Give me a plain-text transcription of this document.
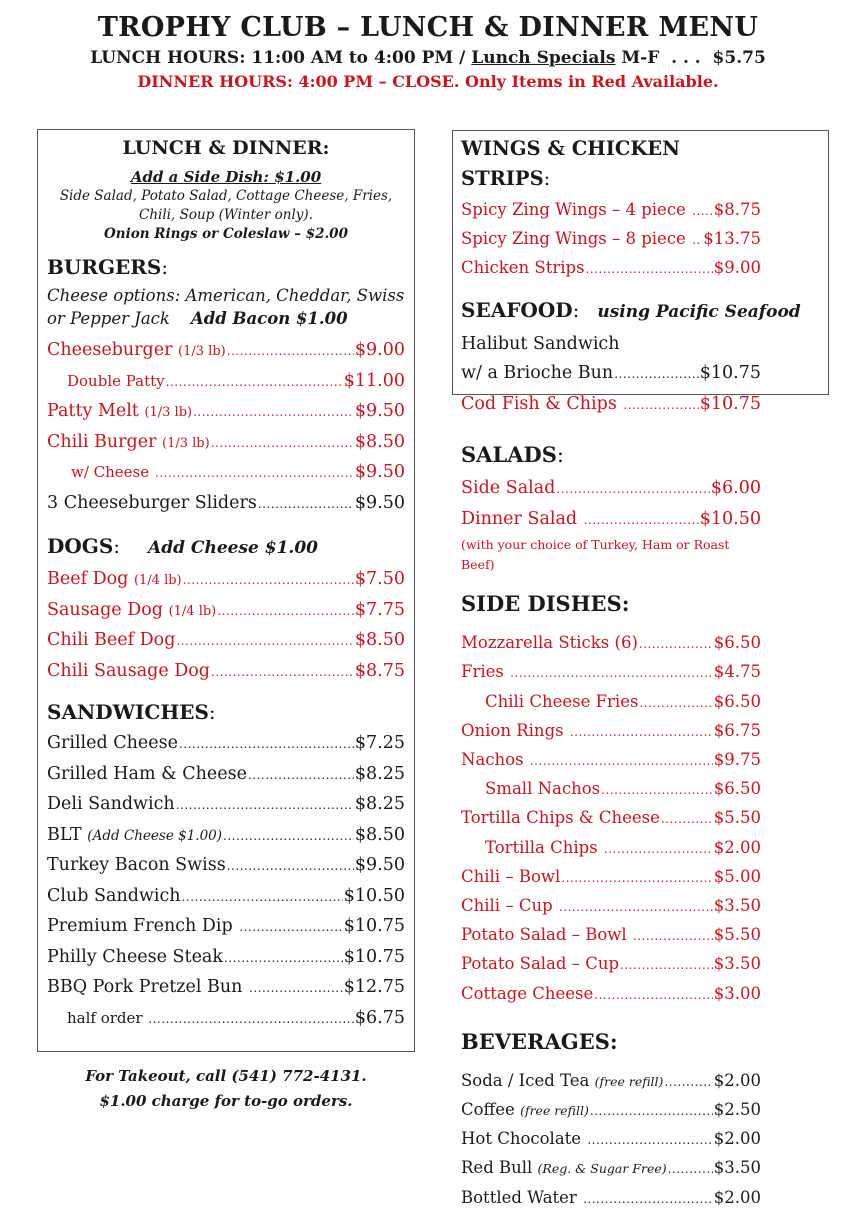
TROPHY CLUB – LUNCH & DINNER MENU
LUNCH HOURS: 11:00 AM to 4:00 PM / Lunch Specials M-F  . . .  $5.75
DINNER HOURS: 4:00 PM – CLOSE. Only Items in Red Available.
LUNCH & DINNER:
Add a Side Dish: $1.00
Side Salad, Potato Salad, Cottage Cheese, Fries, Chili, Soup (Winter only).
Onion Rings or Coleslaw – $2.00
BURGERS:
Cheese options: American, Cheddar, Swiss or Pepper Jack Add Bacon $1.00
Cheeseburger (1/3 lb) .....	$9.00
Double Patty .....	$11.00
Patty Melt (1/3 lb) .....	$9.50
Chili Burger (1/3 lb) .....	$8.50
w/ Cheese .....	$9.50
3 Cheeseburger Sliders .....	$9.50
DOGS: Add Cheese $1.00
Beef Dog (1/4 lb) .....	$7.50
Sausage Dog (1/4 lb) .....	$7.75
Chili Beef Dog .....	$8.50
Chili Sausage Dog .....	$8.75
SANDWICHES:
Grilled Cheese .....	$7.25
Grilled Ham & Cheese .....	$8.25
Deli Sandwich .....	$8.25
BLT (Add Cheese $1.00) .....	$8.50
Turkey Bacon Swiss .....	$9.50
Club Sandwich .....	$10.50
Premium French Dip .....	$10.75
Philly Cheese Steak .....	$10.75
BBQ Pork Pretzel Bun .....	$12.75
half order .....	$6.75
For Takeout, call (541) 772-4131.
$1.00 charge for to-go orders.
WINGS & CHICKEN STRIPS:
Spicy Zing Wings – 4 piece ..... $8.75
Spicy Zing Wings – 8 piece ..... $13.75
Chicken Strips .....	$9.00
SEAFOOD: using Pacific Seafood
Halibut Sandwich
w/ a Brioche Bun .....	$10.75
Cod Fish & Chips .....	$10.75
SALADS:
Side Salad .....	$6.00
Dinner Salad .....	$10.50
(with your choice of Turkey, Ham or Roast Beef)
SIDE DISHES:
Mozzarella Sticks (6) .....	$6.50
Fries .....	$4.75
Chili Cheese Fries .....	$6.50
Onion Rings .....	$6.75
Nachos .....	$9.75
Small Nachos .....	$6.50
Tortilla Chips & Cheese .....	$5.50
Tortilla Chips .....	$2.00
Chili – Bowl .....	$5.00
Chili – Cup .....	$3.50
Potato Salad – Bowl .....	$5.50
Potato Salad – Cup .....	$3.50
Cottage Cheese .....	$3.00
BEVERAGES:
Soda / Iced Tea (free refill) .....	$2.00
Coffee (free refill) .....	$2.50
Hot Chocolate .....	$2.00
Red Bull (Reg. & Sugar Free) .....	$3.50
Bottled Water .....	$2.00
